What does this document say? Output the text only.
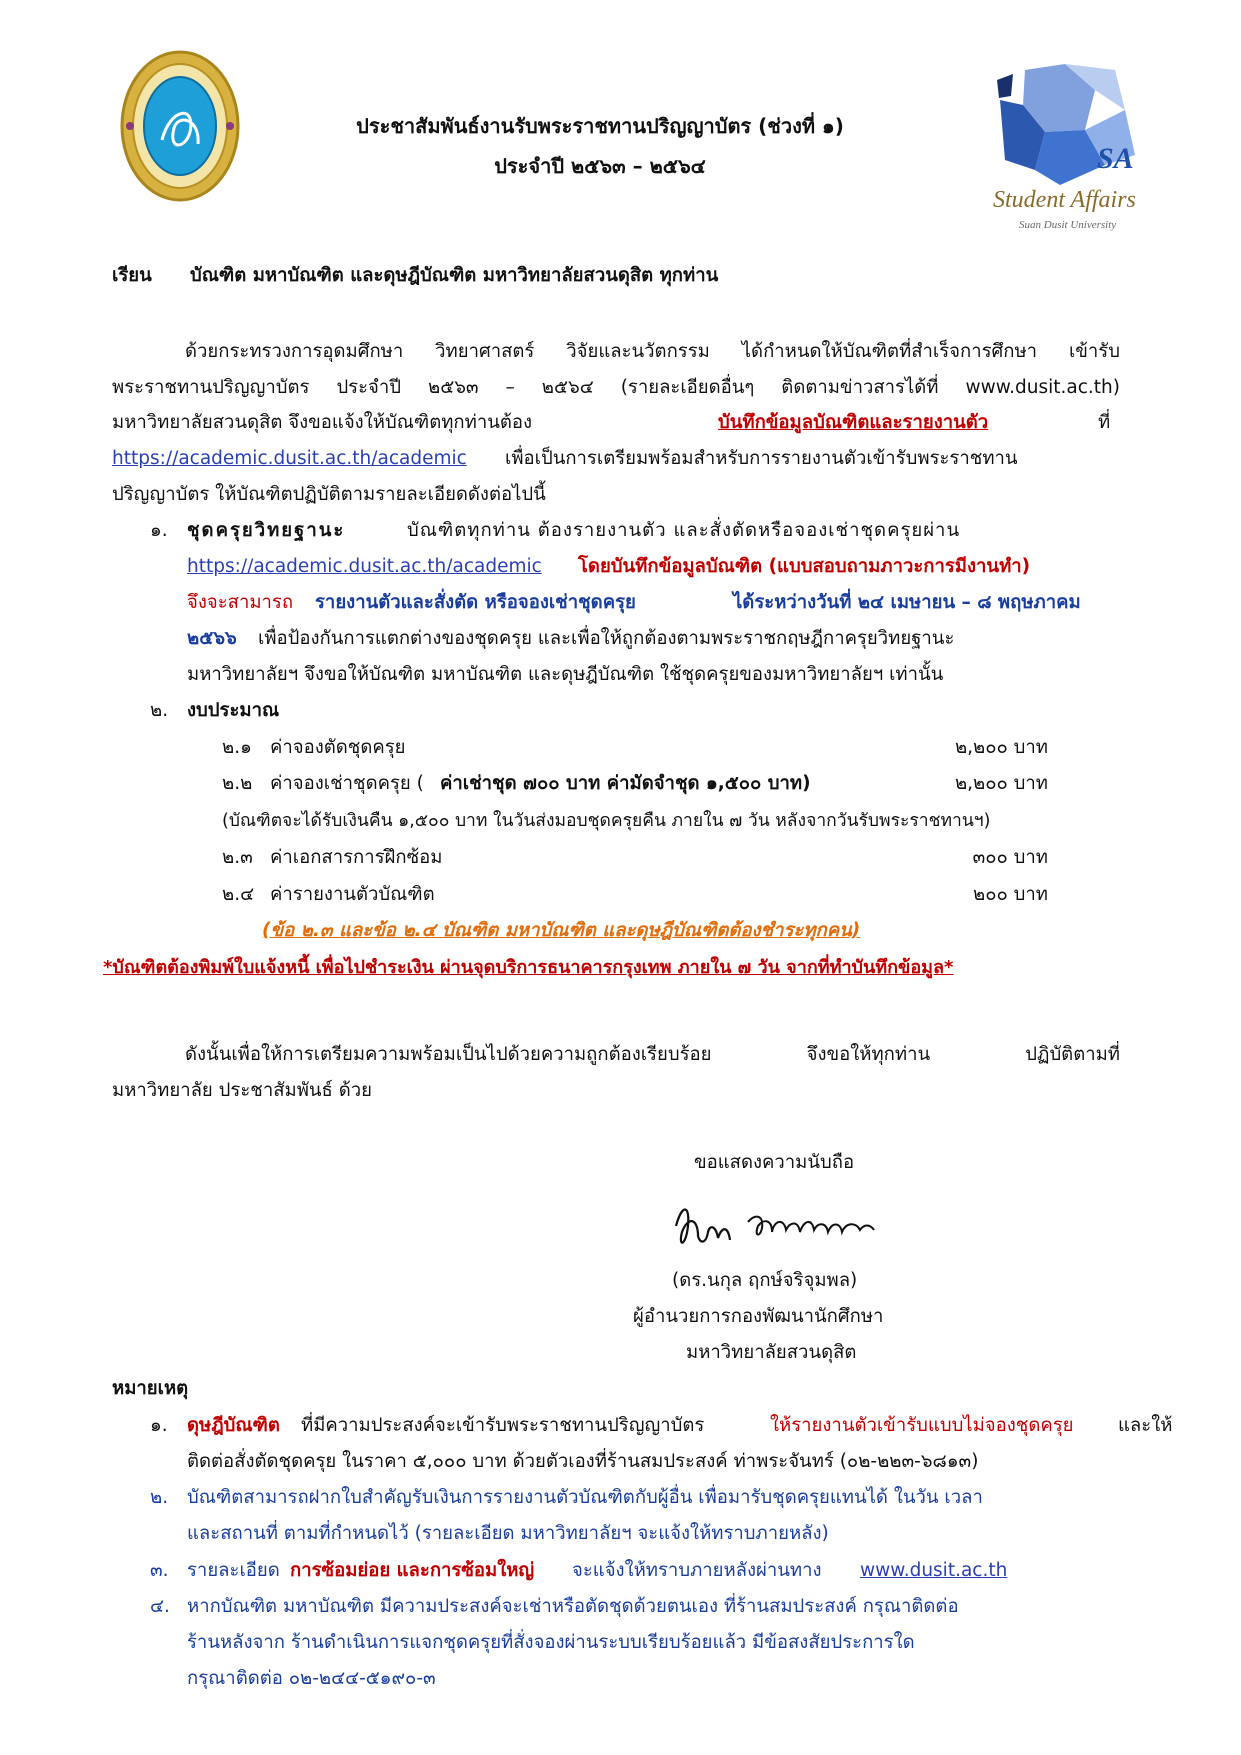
SA
Student Affairs
Suan Dusit University
ประชาสัมพันธ์งานรับพระราชทานปริญญาบัตร (ช่วงที่ ๑)
ประจำปี ๒๕๖๓ – ๒๕๖๔
เรียน บัณฑิต มหาบัณฑิต และดุษฎีบัณฑิต มหาวิทยาลัยสวนดุสิต ทุกท่าน
ด้วยกระทรวงการอุดมศึกษา วิทยาศาสตร์ วิจัยและนวัตกรรม ได้กำหนดให้บัณฑิตที่สำเร็จการศึกษา เข้ารับ
พระราชทานปริญญาบัตร ประจำปี ๒๕๖๓ – ๒๕๖๔ (รายละเอียดอื่นๆ ติดตามข่าวสารได้ที่ www.dusit.ac.th)
มหาวิทยาลัยสวนดุสิต จึงขอแจ้งให้บัณฑิตทุกท่านต้อง	บันทึกข้อมูลบัณฑิตและรายงานตัว	ที่
https://academic.dusit.ac.th/academic เพื่อเป็นการเตรียมพร้อมสำหรับการรายงานตัวเข้ารับพระราชทาน
ปริญญาบัตร ให้บัณฑิตปฏิบัติตามรายละเอียดดังต่อไปนี้
๑. ชุดครุยวิทยฐานะ	บัณฑิตทุกท่าน ต้องรายงานตัว และสั่งตัดหรือจองเช่าชุดครุยผ่าน
https://academic.dusit.ac.th/academic โดยบันทึกข้อมูลบัณฑิต (แบบสอบถามภาวะการมีงานทำ)
จึงจะสามารถ รายงานตัวและสั่งตัด หรือจองเช่าชุดครุย	ได้ระหว่างวันที่ ๒๔ เมษายน – ๘ พฤษภาคม
๒๕๖๖ เพื่อป้องกันการแตกต่างของชุดครุย และเพื่อให้ถูกต้องตามพระราชกฤษฎีกาครุยวิทยฐานะ
มหาวิทยาลัยฯ จึงขอให้บัณฑิต มหาบัณฑิต และดุษฎีบัณฑิต ใช้ชุดครุยของมหาวิทยาลัยฯ เท่านั้น
๒. งบประมาณ
๒.๑ ค่าจองตัดชุดครุย	๒,๒๐๐ บาท
๒.๒ ค่าจองเช่าชุดครุย ( ค่าเช่าชุด ๗๐๐ บาท ค่ามัดจำชุด ๑,๕๐๐ บาท)	๒,๒๐๐ บาท
(บัณฑิตจะได้รับเงินคืน ๑,๕๐๐ บาท ในวันส่งมอบชุดครุยคืน ภายใน ๗ วัน หลังจากวันรับพระราชทานฯ)
๒.๓ ค่าเอกสารการฝึกซ้อม	๓๐๐ บาท
๒.๔ ค่ารายงานตัวบัณฑิต	๒๐๐ บาท
(ข้อ ๒.๓ และข้อ ๒.๔ บัณฑิต มหาบัณฑิต และดุษฎีบัณฑิตต้องชำระทุกคน)
*บัณฑิตต้องพิมพ์ใบแจ้งหนี้ เพื่อไปชำระเงิน ผ่านจุดบริการธนาคารกรุงเทพ ภายใน ๗ วัน จากที่ทำบันทึกข้อมูล*
ดังนั้นเพื่อให้การเตรียมความพร้อมเป็นไปด้วยความถูกต้องเรียบร้อย จึงขอให้ทุกท่าน ปฏิบัติตามที่
มหาวิทยาลัย ประชาสัมพันธ์ ด้วย
ขอแสดงความนับถือ
(ดร.นกุล ฤกษ์จริจุมพล)
ผู้อำนวยการกองพัฒนานักศึกษา
มหาวิทยาลัยสวนดุสิต
หมายเหตุ
๑. ดุษฎีบัณฑิต ที่มีความประสงค์จะเข้ารับพระราชทานปริญญาบัตร	ให้รายงานตัวเข้ารับแบบไม่จองชุดครุย และให้
ติดต่อสั่งตัดชุดครุย ในราคา ๕,๐๐๐ บาท ด้วยตัวเองที่ร้านสมประสงค์ ท่าพระจันทร์ (๐๒-๒๒๓-๖๘๑๓)
๒. บัณฑิตสามารถฝากใบสำคัญรับเงินการรายงานตัวบัณฑิตกับผู้อื่น เพื่อมารับชุดครุยแทนได้ ในวัน เวลา
และสถานที่ ตามที่กำหนดไว้ (รายละเอียด มหาวิทยาลัยฯ จะแจ้งให้ทราบภายหลัง)
๓. รายละเอียด การซ้อมย่อย และการซ้อมใหญ่ จะแจ้งให้ทราบภายหลังผ่านทาง www.dusit.ac.th
๔. หากบัณฑิต มหาบัณฑิต มีความประสงค์จะเช่าหรือตัดชุดด้วยตนเอง ที่ร้านสมประสงค์ กรุณาติดต่อ
ร้านหลังจาก ร้านดำเนินการแจกชุดครุยที่สั่งจองผ่านระบบเรียบร้อยแล้ว มีข้อสงสัยประการใด
กรุณาติดต่อ ๐๒-๒๔๔-๕๑๙๐-๓
